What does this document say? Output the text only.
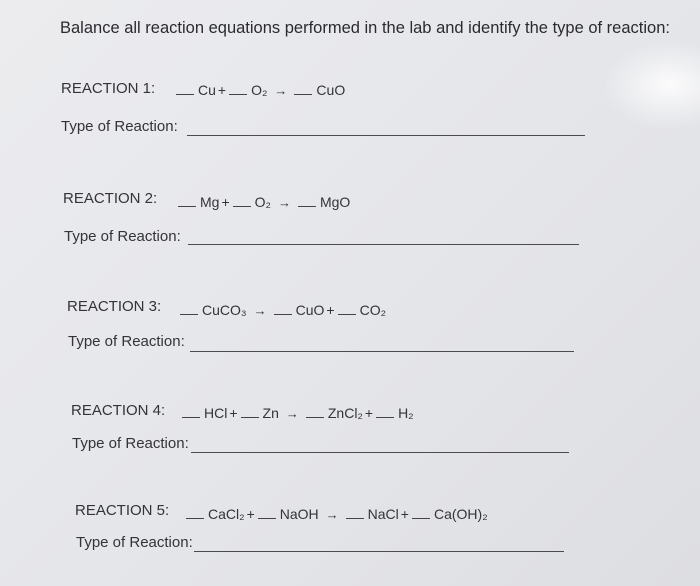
Balance all reaction equations performed in the lab and identify the type of reaction:
REACTION 1:	Cu + O₂ → CuO
Type of Reaction:
REACTION 2:	Mg + O₂ → MgO
Type of Reaction:
REACTION 3:	CuCO₃ → CuO + CO₂
Type of Reaction:
REACTION 4:	HCl + Zn → ZnCl₂ + H₂
Type of Reaction:
REACTION 5:	CaCl₂ + NaOH → NaCl + Ca(OH)₂
Type of Reaction:
